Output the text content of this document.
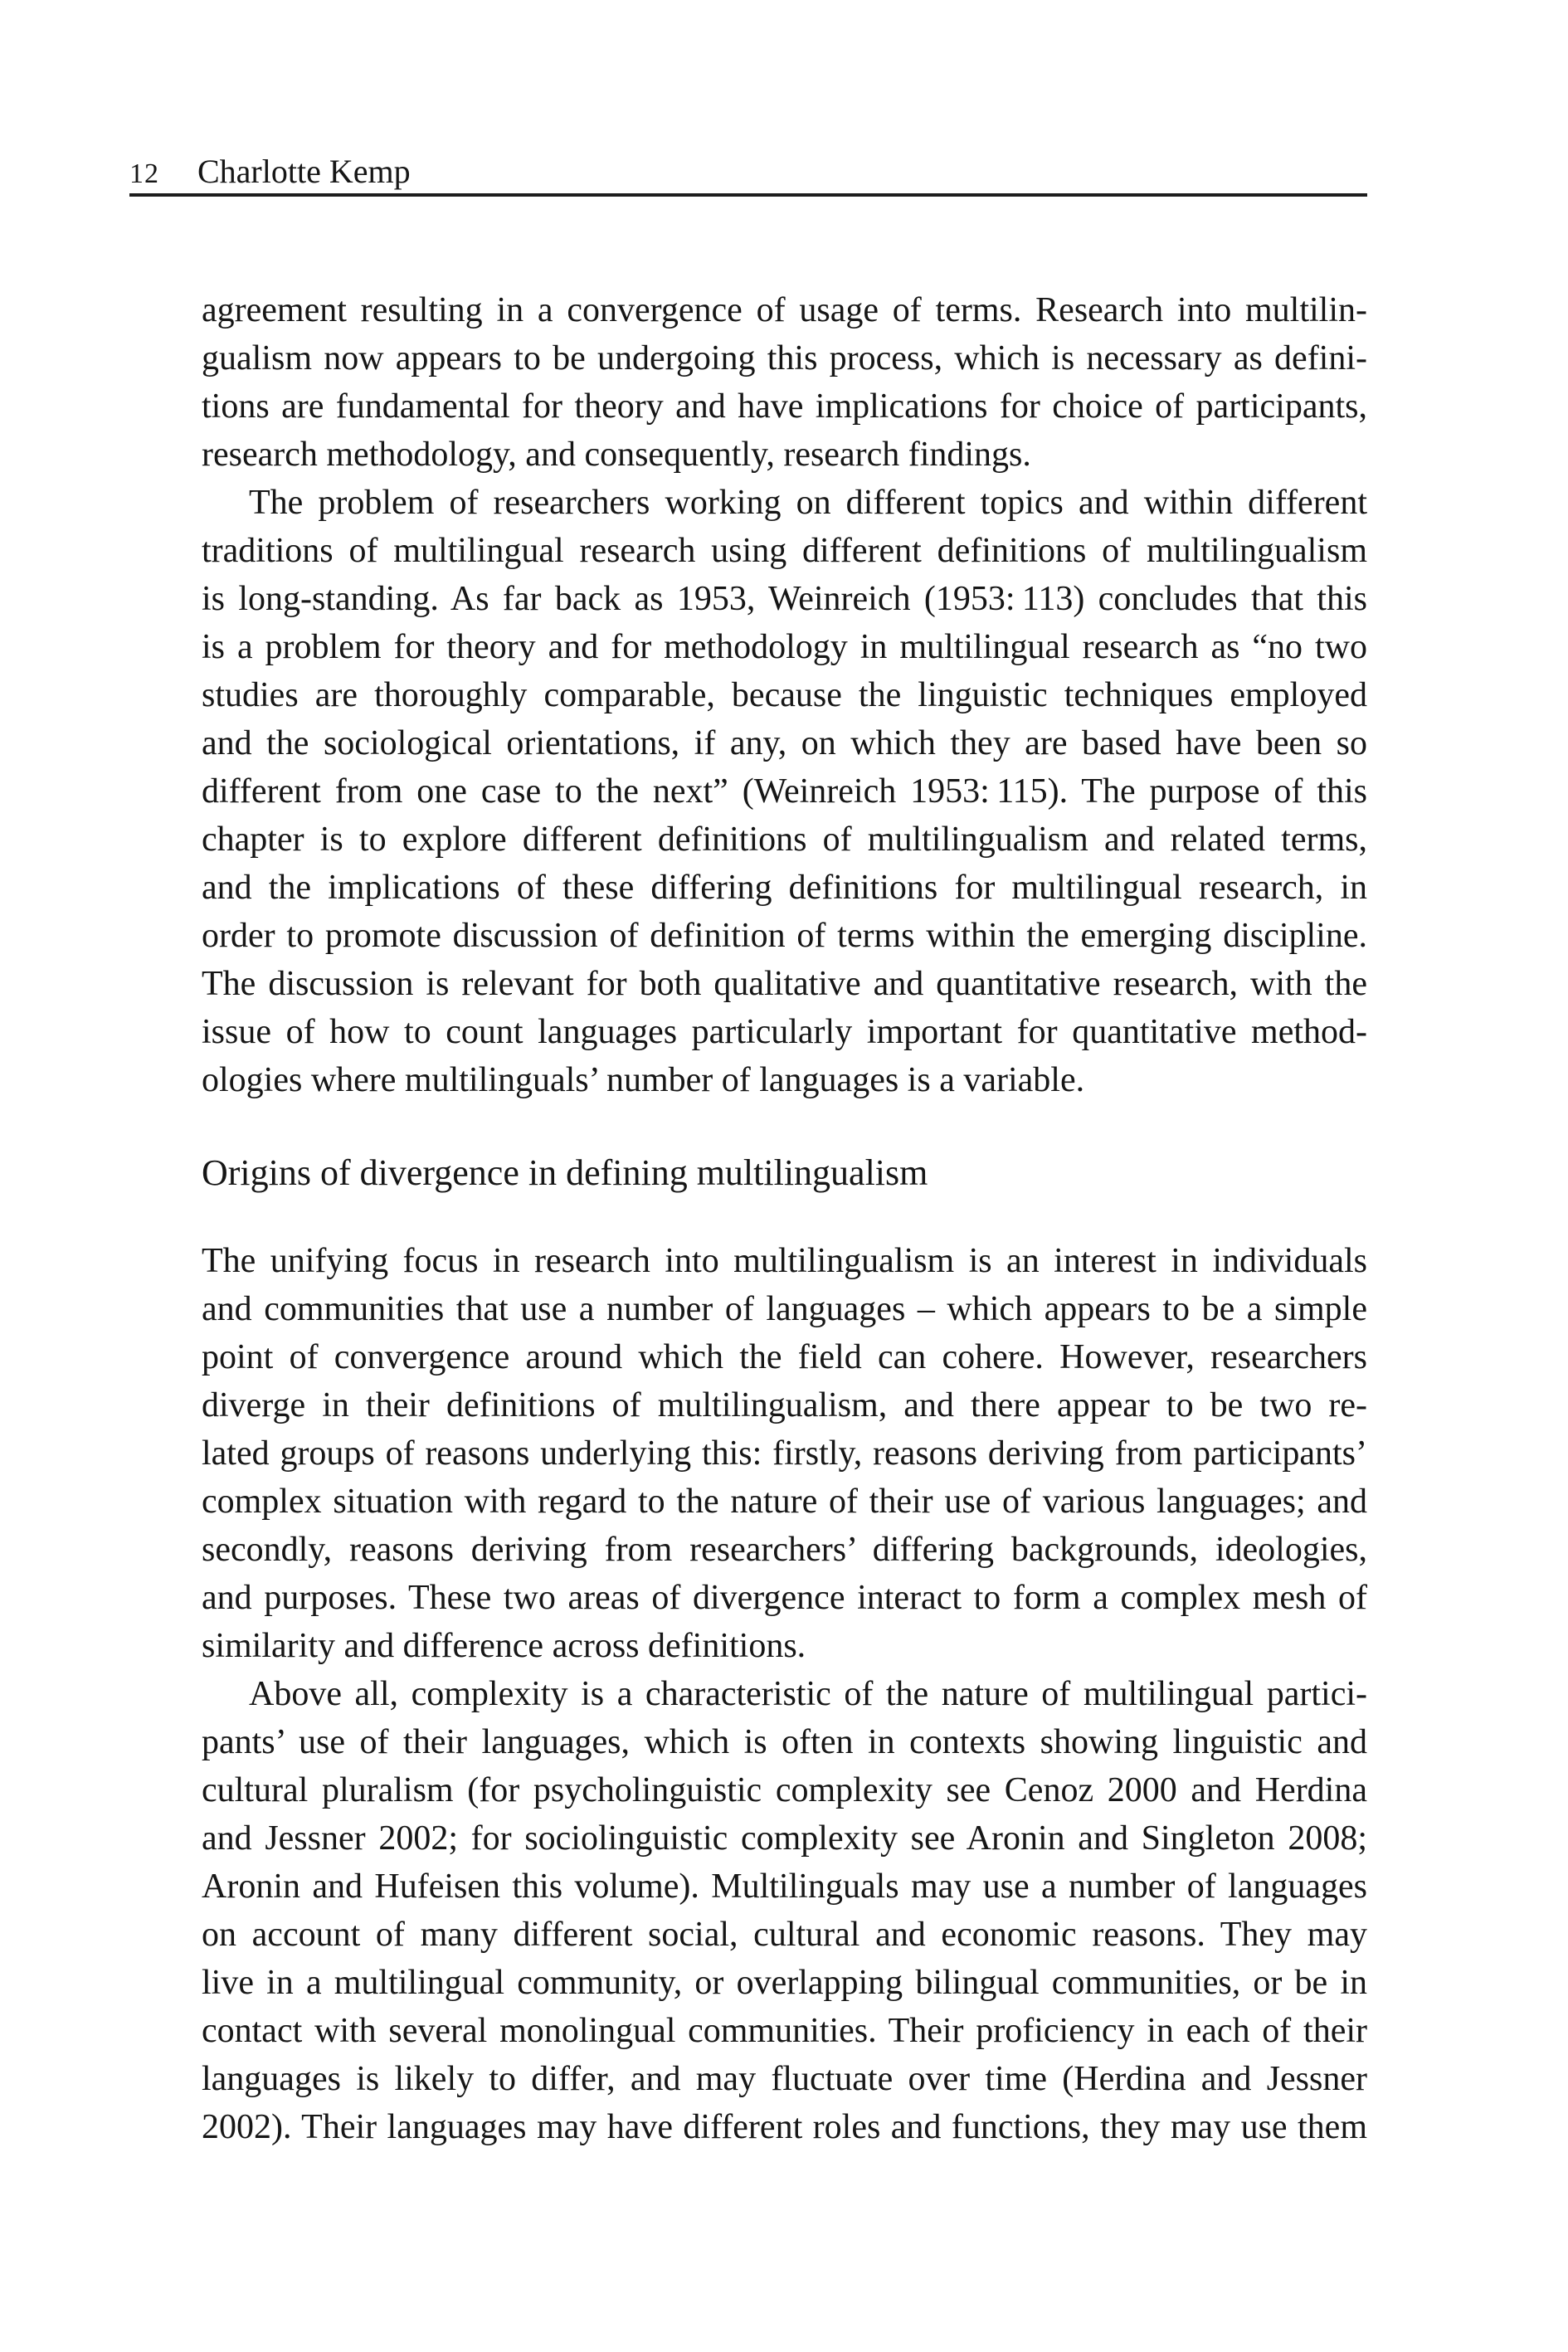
12 Charlotte Kemp
agreement resulting in a convergence of usage of terms. Research into multilin-
gualism now appears to be undergoing this process, which is necessary as defini-
tions are fundamental for theory and have implications for choice of participants,
research methodology, and consequently, research findings.
The problem of researchers working on different topics and within different
traditions of multilingual research using different definitions of multilingualism
is long-standing. As far back as 1953, Weinreich (1953: 113) concludes that this
is a problem for theory and for methodology in multilingual research as “no two
studies are thoroughly comparable, because the linguistic techniques employed
and the sociological orientations, if any, on which they are based have been so
different from one case to the next” (Weinreich 1953: 115). The purpose of this
chapter is to explore different definitions of multilingualism and related terms,
and the implications of these differing definitions for multilingual research, in
order to promote discussion of definition of terms within the emerging discipline.
The discussion is relevant for both qualitative and quantitative research, with the
issue of how to count languages particularly important for quantitative method-
ologies where multilinguals’ number of languages is a variable.
Origins of divergence in defining multilingualism
The unifying focus in research into multilingualism is an interest in individuals
and communities that use a number of languages – which appears to be a simple
point of convergence around which the field can cohere. However, researchers
diverge in their definitions of multilingualism, and there appear to be two re-
lated groups of reasons underlying this: firstly, reasons deriving from participants’
complex situation with regard to the nature of their use of various languages; and
secondly, reasons deriving from researchers’ differing backgrounds, ideologies,
and purposes. These two areas of divergence interact to form a complex mesh of
similarity and difference across definitions.
Above all, complexity is a characteristic of the nature of multilingual partici-
pants’ use of their languages, which is often in contexts showing linguistic and
cultural pluralism (for psycholinguistic complexity see Cenoz 2000 and Herdina
and Jessner 2002; for sociolinguistic complexity see Aronin and Singleton 2008;
Aronin and Hufeisen this volume). Multilinguals may use a number of languages
on account of many different social, cultural and economic reasons. They may
live in a multilingual community, or overlapping bilingual communities, or be in
contact with several monolingual communities. Their proficiency in each of their
languages is likely to differ, and may fluctuate over time (Herdina and Jessner
2002). Their languages may have different roles and functions, they may use them
